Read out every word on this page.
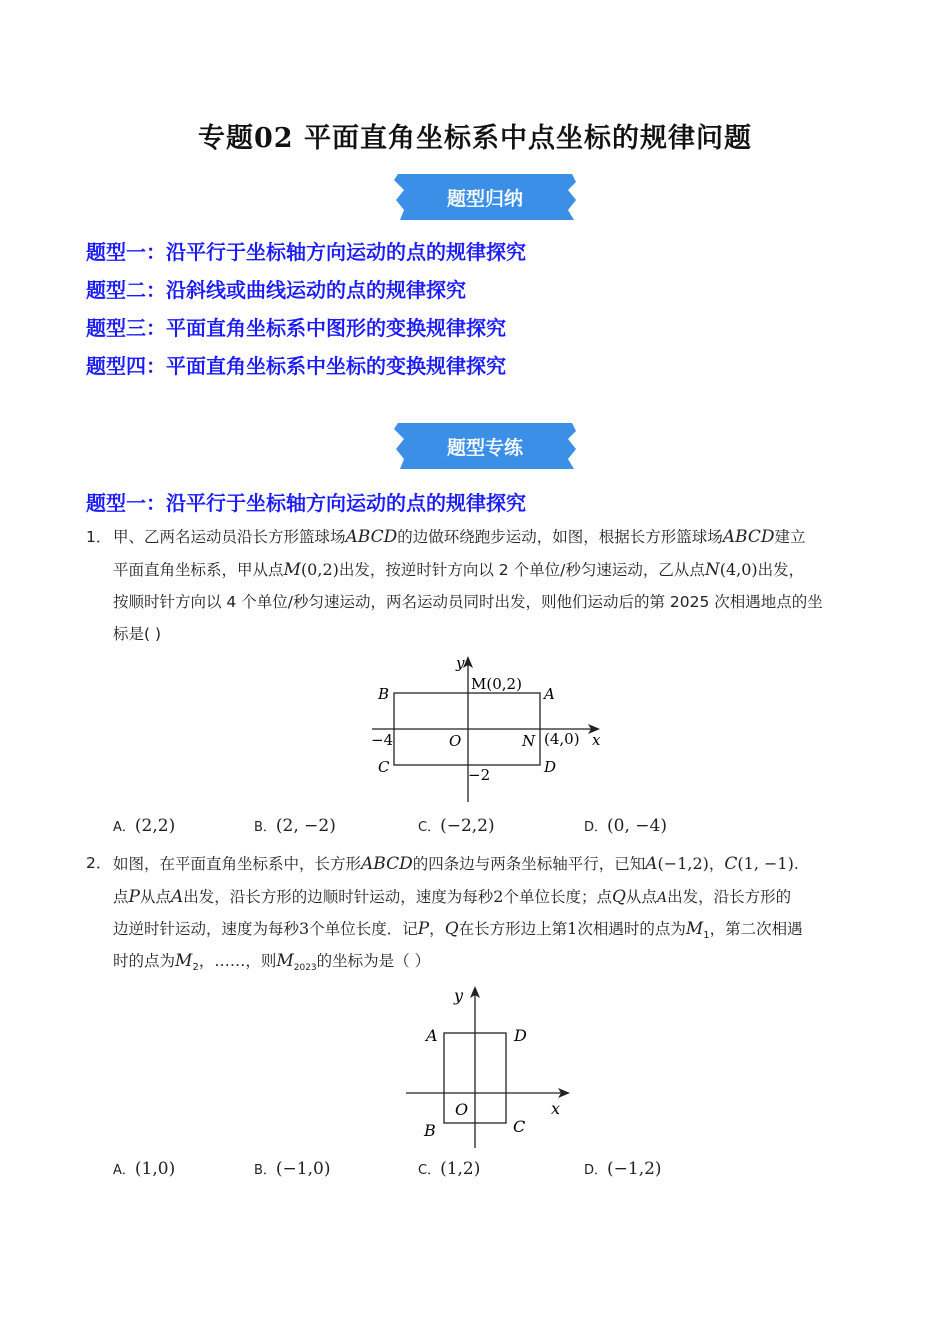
专题02 平面直角坐标系中点坐标的规律问题
题型归纳
题型一：沿平行于坐标轴方向运动的点的规律探究
题型二：沿斜线或曲线运动的点的规律探究
题型三：平面直角坐标系中图形的变换规律探究
题型四：平面直角坐标系中坐标的变换规律探究
题型专练
题型一：沿平行于坐标轴方向运动的点的规律探究
1． 甲、乙两名运动员沿长方形篮球场ABCD的边做环绕跑步运动，如图，根据长方形篮球场ABCD建立
平面直角坐标系，甲从点M(0,2)出发，按逆时针方向以 2 个单位/秒匀速运动，乙从点N(4,0)出发，
按顺时针方向以 4 个单位/秒匀速运动，两名运动员同时出发，则他们运动后的第 2025 次相遇地点的坐
标是( )
y
x
M(0,2)
B	A
−4	O	N (4,0)
C	D
−2
A．(2,2)	B．(2, −2)	C．(−2,2)	D．(0, −4)
2． 如图，在平面直角坐标系中，长方形ABCD的四条边与两条坐标轴平行，已知A(−1,2)，C(1, −1).
点P从点A出发，沿长方形的边顺时针运动，速度为每秒2个单位长度；点Q从点A出发，沿长方形的
边逆时针运动，速度为每秒3个单位长度．记P，Q在长方形边上第1次相遇时的点为$M_1$，第二次相遇
时的点为$M_2$，……，则$M_{2023}$的坐标为是（ ）
y
x
A	D
O
B	C
A．(1,0)	B．(−1,0)	C．(1,2)	D．(−1,2)
